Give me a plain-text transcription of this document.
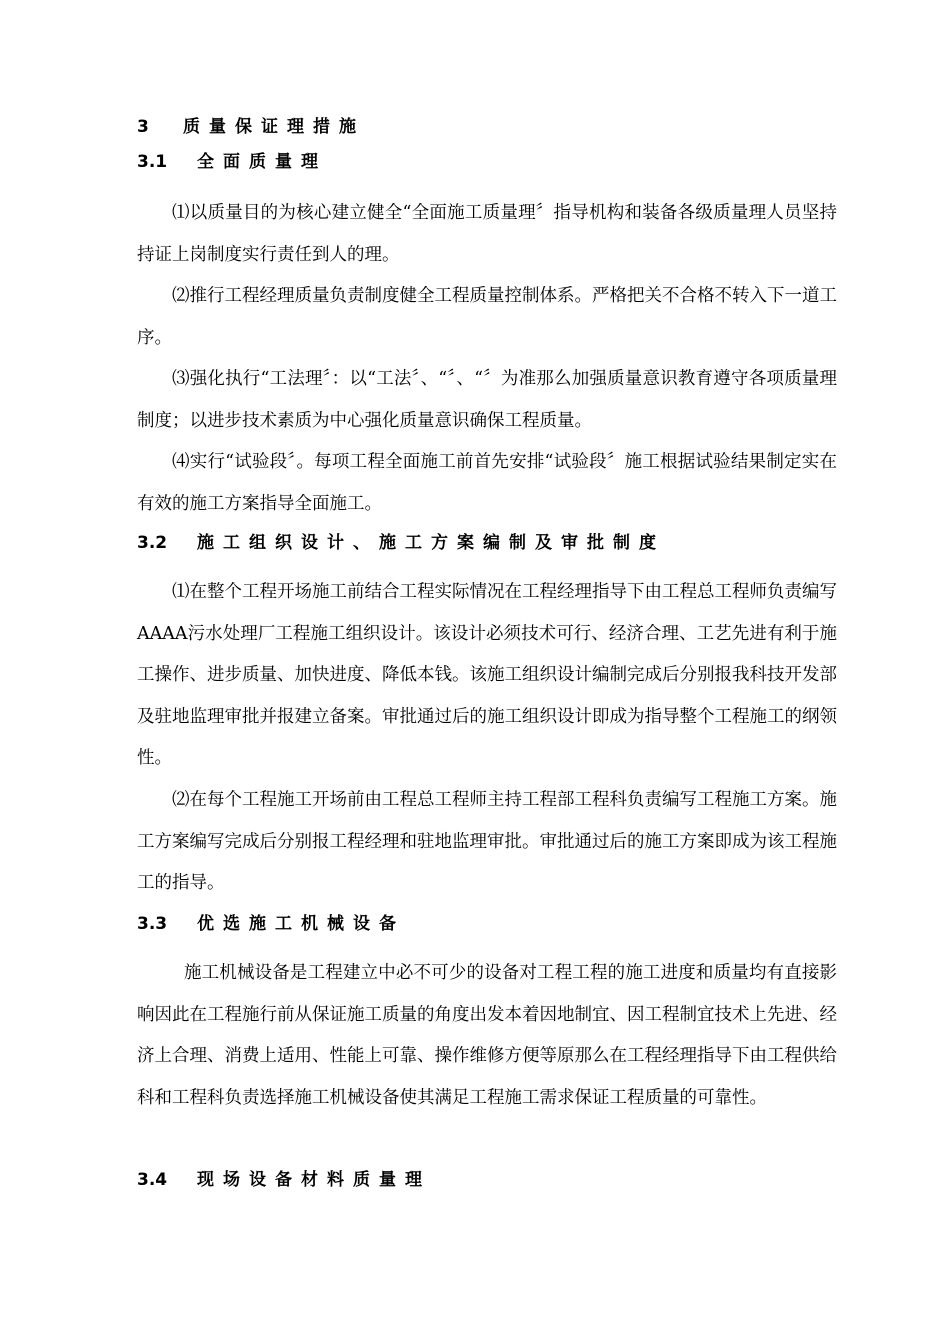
3 质量保证理措施
3.1 全面质量理

⑴以质量目的为核心建立健全“全面施工质量理〞指导机构和装备各级质量理人员坚持持证上岗制度实行责任到人的理。

⑵推行工程经理质量负责制度健全工程质量控制体系。严格把关不合格不转入下一道工序。

⑶强化执行“工法理〞：以“工法〞、“〞、“〞为准那么加强质量意识教育遵守各项质量理制度；以进步技术素质为中心强化质量意识确保工程质量。

⑷实行“试验段〞。每项工程全面施工前首先安排“试验段〞施工根据试验结果制定实在有效的施工方案指导全面施工。

3.2 施工组织设计、施工方案编制及审批制度

⑴在整个工程开场施工前结合工程实际情况在工程经理指导下由工程总工程师负责编写AAAA污水处理厂工程施工组织设计。该设计必须技术可行、经济合理、工艺先进有利于施工操作、进步质量、加快进度、降低本钱。该施工组织设计编制完成后分别报我科技开发部及驻地监理审批并报建立备案。审批通过后的施工组织设计即成为指导整个工程施工的纲领性。

⑵在每个工程施工开场前由工程总工程师主持工程部工程科负责编写工程施工方案。施工方案编写完成后分别报工程经理和驻地监理审批。审批通过后的施工方案即成为该工程施工的指导。

3.3 优选施工机械设备

施工机械设备是工程建立中必不可少的设备对工程工程的施工进度和质量均有直接影响因此在工程施行前从保证施工质量的角度出发本着因地制宜、因工程制宜技术上先进、经济上合理、消费上适用、性能上可靠、操作维修方便等原那么在工程经理指导下由工程供给科和工程科负责选择施工机械设备使其满足工程施工需求保证工程质量的可靠性。

3.4 现场设备材料质量理
